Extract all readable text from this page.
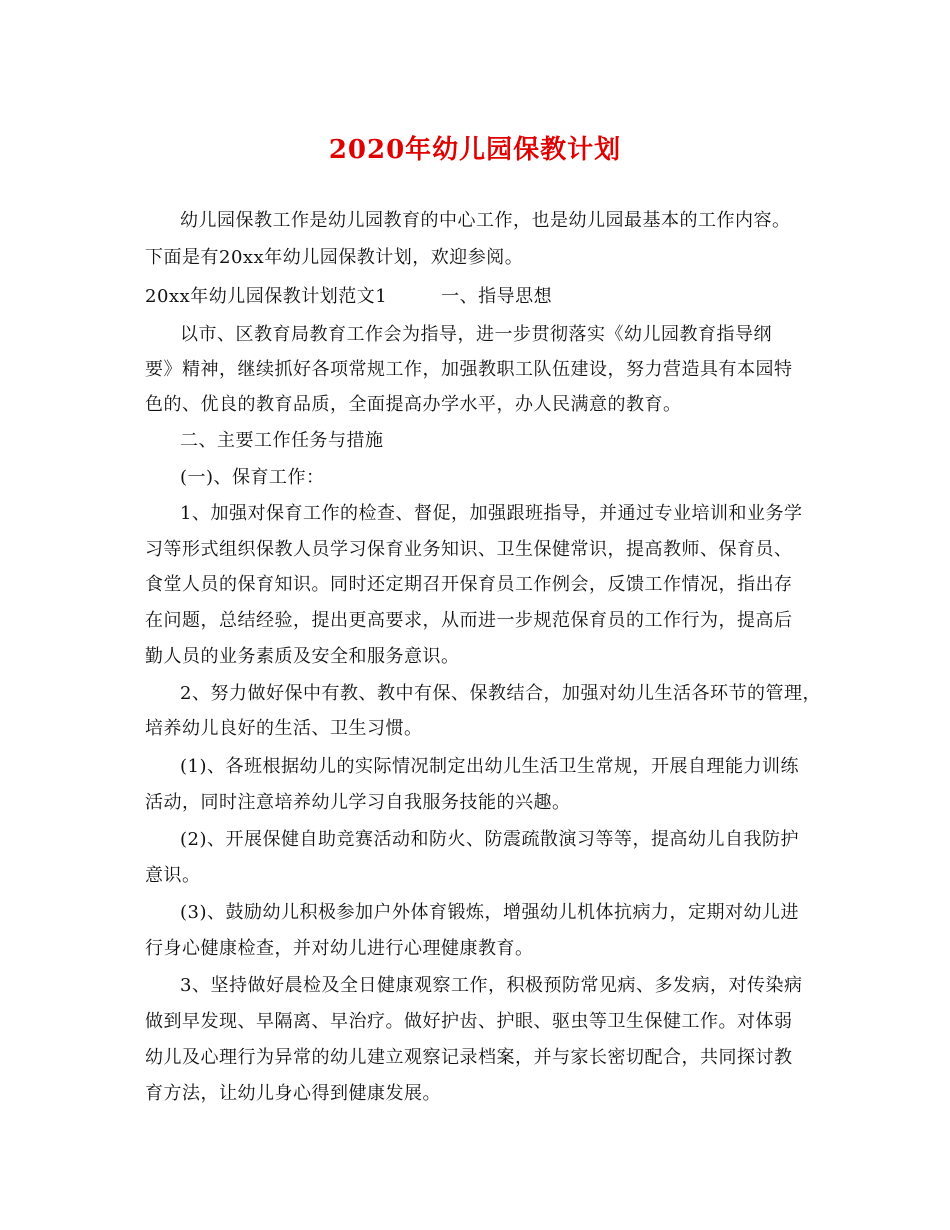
2020年幼儿园保教计划
幼儿园保教工作是幼儿园教育的中心工作，也是幼儿园最基本的工作内容。
下面是有20xx年幼儿园保教计划，欢迎参阅。
20xx年幼儿园保教计划范文1	一、指导思想
以市、区教育局教育工作会为指导，进一步贯彻落实《幼儿园教育指导纲
要》精神，继续抓好各项常规工作，加强教职工队伍建设，努力营造具有本园特
色的、优良的教育品质，全面提高办学水平，办人民满意的教育。
二、主要工作任务与措施
(一)、保育工作：
1、加强对保育工作的检查、督促，加强跟班指导，并通过专业培训和业务学
习等形式组织保教人员学习保育业务知识、卫生保健常识，提高教师、保育员、
食堂人员的保育知识。同时还定期召开保育员工作例会，反馈工作情况，指出存
在问题，总结经验，提出更高要求，从而进一步规范保育员的工作行为，提高后
勤人员的业务素质及安全和服务意识。
2、努力做好保中有教、教中有保、保教结合，加强对幼儿生活各环节的管理，
培养幼儿良好的生活、卫生习惯。
(1)、各班根据幼儿的实际情况制定出幼儿生活卫生常规，开展自理能力训练
活动，同时注意培养幼儿学习自我服务技能的兴趣。
(2)、开展保健自助竞赛活动和防火、防震疏散演习等等，提高幼儿自我防护
意识。
(3)、鼓励幼儿积极参加户外体育锻炼，增强幼儿机体抗病力，定期对幼儿进
行身心健康检查，并对幼儿进行心理健康教育。
3、坚持做好晨检及全日健康观察工作，积极预防常见病、多发病，对传染病
做到早发现、早隔离、早治疗。做好护齿、护眼、驱虫等卫生保健工作。对体弱
幼儿及心理行为异常的幼儿建立观察记录档案，并与家长密切配合，共同探讨教
育方法，让幼儿身心得到健康发展。
